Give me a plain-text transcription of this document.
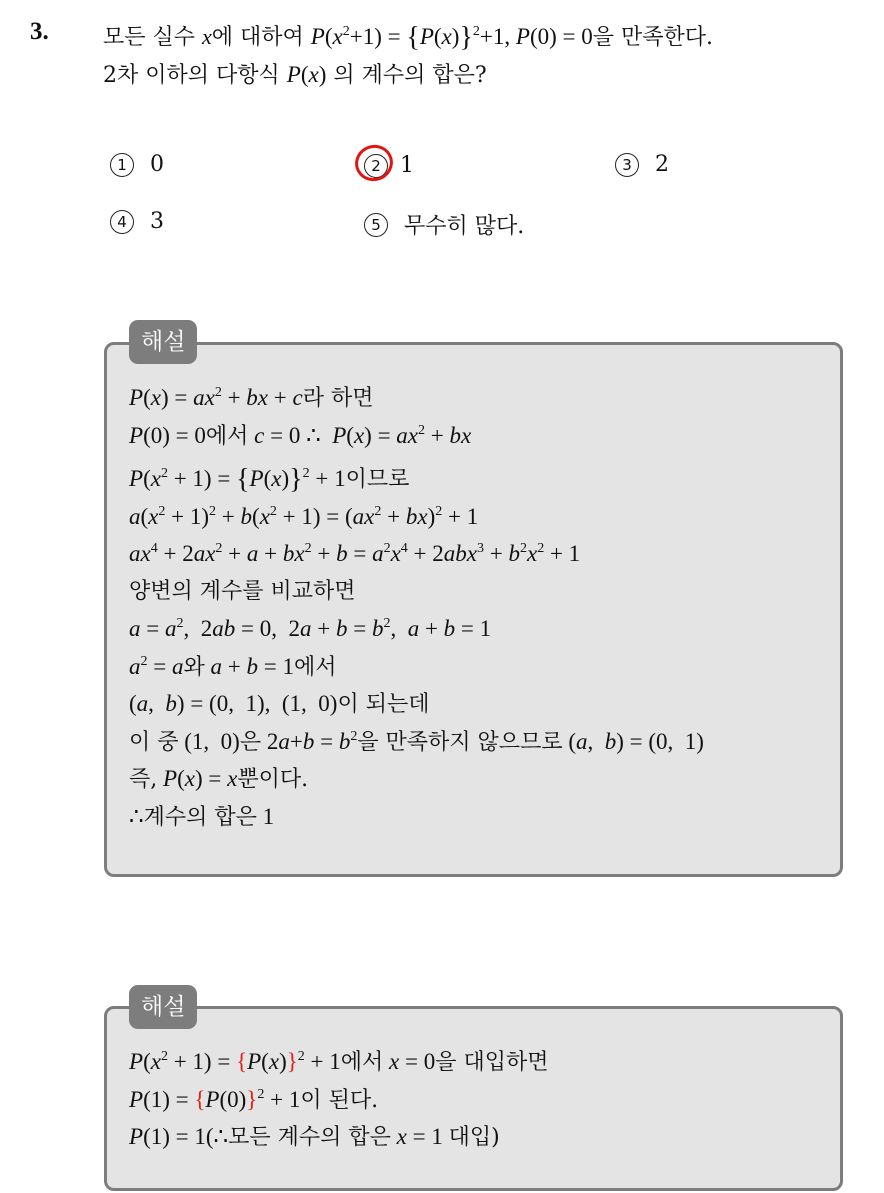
3. 모든 실수 x에 대하여 $P(x^2+1) = \{P(x)\}^2+1$, P(0) = 0을 만족한다.
2차 이하의 다항식 P(x) 의 계수의 합은?
1	0	2 1	3	2
4	3	5	무수히 많다.
$P(x) = ax^2$ + bx + c라 하면
P(0) = 0에서 c = 0 ∴  $P(x) = ax^2$ + bx
$P(x^2 + 1) = \{P(x)\}^2 + 1$이므로
$a(x^2 + 1)^2 + b(x^2 + 1) = (ax^2 + bx)^2 + 1$
$ax^4 + 2ax^2 + a + bx^2 + b = a^2x^4 + 2abx^3 + b^2x^2 + 1$
양변의 계수를 비교하면
$a = a^2$,  2ab = 0,  $2a + b = b^2$,  a + b = 1
$a^2 = a$와 a + b = 1에서
(a,  b) = (0,  1),  (1,  0)이 되는데
이 중 (1,  0)은 $2a+b = b^2$을 만족하지 않으므로 (a,  b) = (0,  1)
즉, P(x) = x뿐이다.
∴계수의 합은 1
해설
$P(x^2 + 1) = \{P(x)\}^2 + 1$에서 x = 0을 대입하면
$P(1) = \{P(0)\}^2 + 1$이 된다.
P(1) = 1(∴모든 계수의 합은 x = 1 대입)
해설
